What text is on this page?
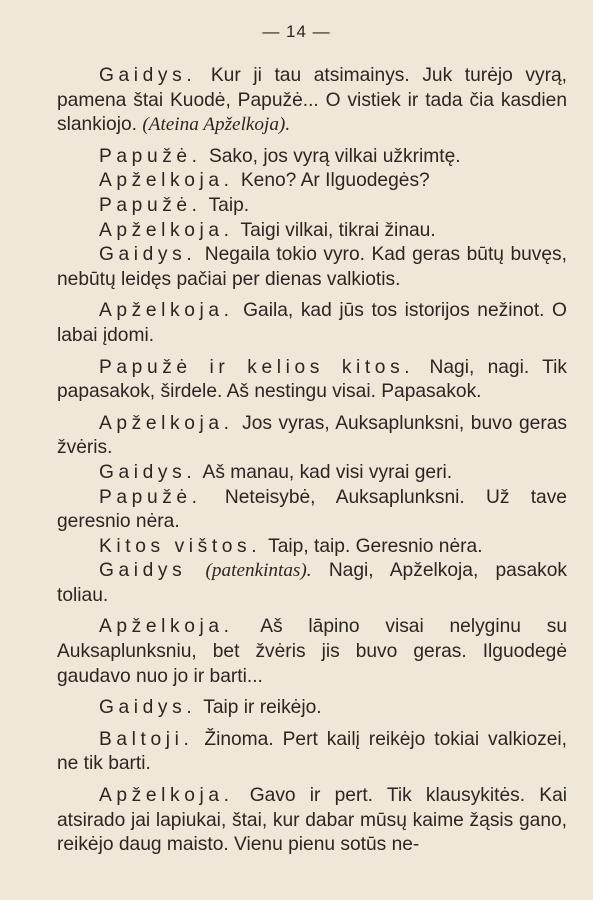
— 14 —

Gaidys. Kur ji tau atsimainys. Juk turėjo vyrą, pamena štai Kuodė, Papužė... O vistiek ir tada čia kasdien slankiojo. (Ateina Apželkoja).

Papužė. Sako, jos vyrą vilkai užkrimtę.

Apželkoja. Keno? Ar Ilguodegės?

Papužė. Taip.

Apželkoja. Taigi vilkai, tikrai žinau.

Gaidys. Negaila tokio vyro. Kad geras būtų buvęs, nebūtų leidęs pačiai per dienas valkiotis.

Apželkoja. Gaila, kad jūs tos istorijos nežinot. O labai įdomi.

Papužė ir kelios kitos. Nagi, nagi. Tik papasakok, širdele. Aš nestingu visai. Papasakok.

Apželkoja. Jos vyras, Auksaplunksni, buvo geras žvėris.

Gaidys. Aš manau, kad visi vyrai geri.

Papužė. Neteisybė, Auksaplunksni. Už tave geresnio nėra.

Kitos vištos. Taip, taip. Geresnio nėra.

Gaidys (patenkintas). Nagi, Apželkoja, pasakok toliau.

Apželkoja. Aš lāpino visai nelyginu su Auksaplunksniu, bet žvėris jis buvo geras. Ilguodegė gaudavo nuo jo ir barti...

Gaidys. Taip ir reikėjo.

Baltoji. Žinoma. Pert kailį reikėjo tokiai valkiozei, ne tik barti.

Apželkoja. Gavo ir pert. Tik klausykitės. Kai atsirado jai lapiukai, štai, kur dabar mūsų kaime žąsis gano, reikėjo daug maisto. Vienu pienu sotūs ne-
